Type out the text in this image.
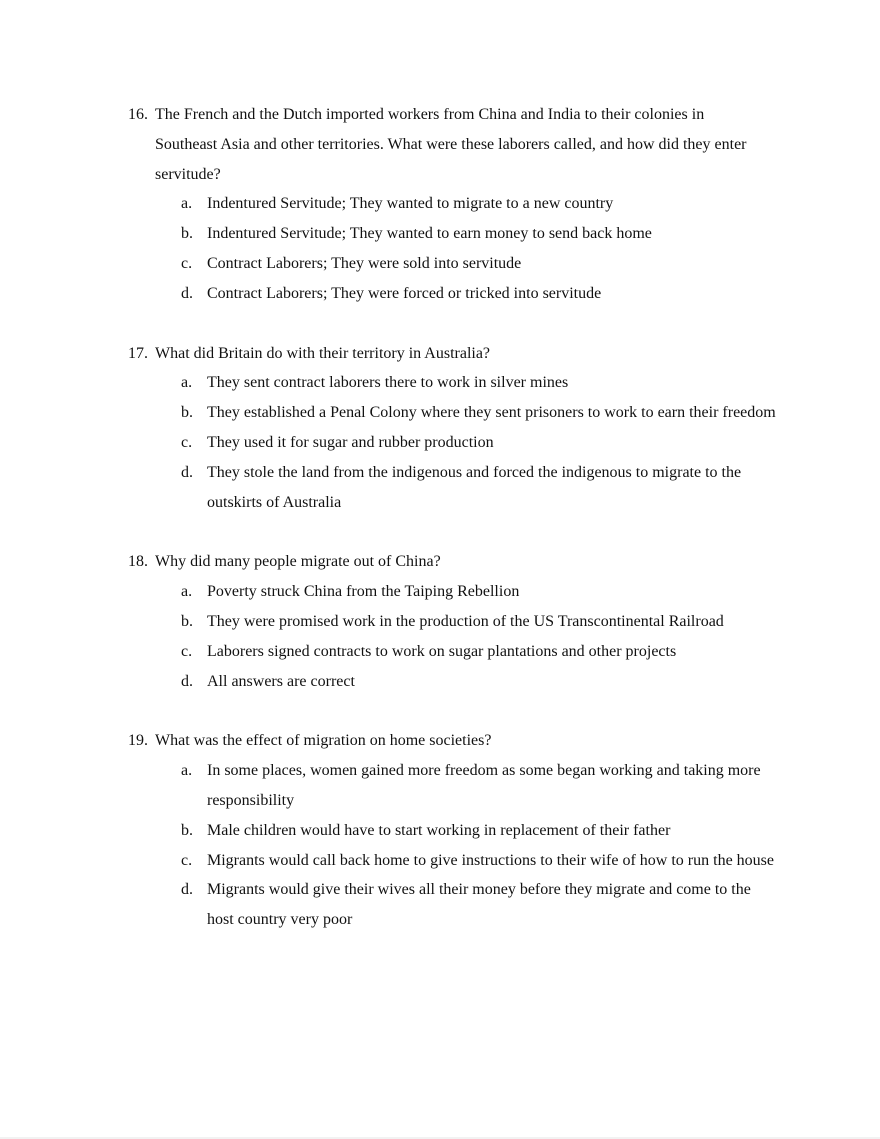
16. The French and the Dutch imported workers from China and India to their colonies in Southeast Asia and other territories. What were these laborers called, and how did they enter servitude?
a. Indentured Servitude; They wanted to migrate to a new country
b. Indentured Servitude; They wanted to earn money to send back home
c. Contract Laborers; They were sold into servitude
d. Contract Laborers; They were forced or tricked into servitude
17. What did Britain do with their territory in Australia?
a. They sent contract laborers there to work in silver mines
b. They established a Penal Colony where they sent prisoners to work to earn their freedom
c. They used it for sugar and rubber production
d. They stole the land from the indigenous and forced the indigenous to migrate to the outskirts of Australia
18. Why did many people migrate out of China?
a. Poverty struck China from the Taiping Rebellion
b. They were promised work in the production of the US Transcontinental Railroad
c. Laborers signed contracts to work on sugar plantations and other projects
d. All answers are correct
19. What was the effect of migration on home societies?
a. In some places, women gained more freedom as some began working and taking more responsibility
b. Male children would have to start working in replacement of their father
c. Migrants would call back home to give instructions to their wife of how to run the house
d. Migrants would give their wives all their money before they migrate and come to the host country very poor
